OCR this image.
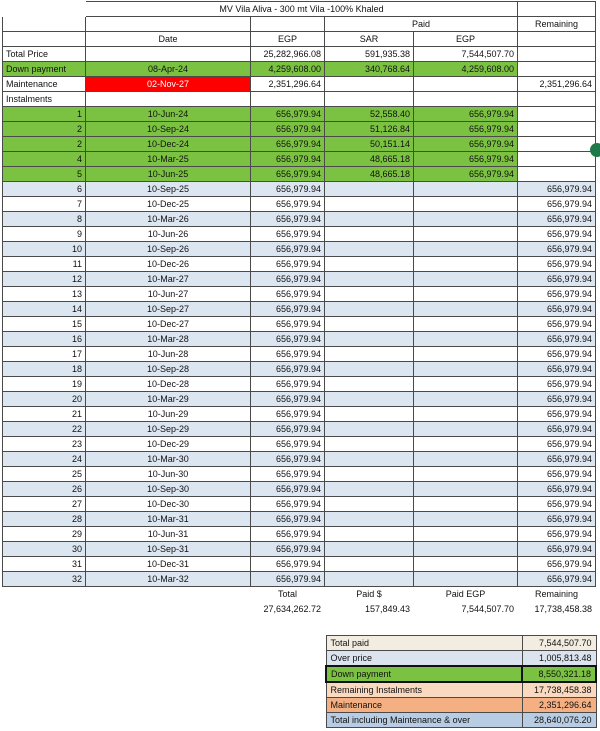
	MV Vila Aliva - 300 mt Vila -100% Khaled				
			Paid		Remaining
	Date	EGP	SAR	EGP	
Total Price		25,282,966.08	591,935.38	7,544,507.70	
Down payment	08-Apr-24	4,259,608.00	340,768.64	4,259,608.00	
Maintenance	02-Nov-27	2,351,296.64			2,351,296.64
Instalments					
1	10-Jun-24	656,979.94	52,558.40	656,979.94	
2	10-Sep-24	656,979.94	51,126.84	656,979.94	
2	10-Dec-24	656,979.94	50,151.14	656,979.94	
4	10-Mar-25	656,979.94	48,665.18	656,979.94	
5	10-Jun-25	656,979.94	48,665.18	656,979.94	
6	10-Sep-25	656,979.94			656,979.94
7	10-Dec-25	656,979.94			656,979.94
8	10-Mar-26	656,979.94			656,979.94
9	10-Jun-26	656,979.94			656,979.94
10	10-Sep-26	656,979.94			656,979.94
11	10-Dec-26	656,979.94			656,979.94
12	10-Mar-27	656,979.94			656,979.94
13	10-Jun-27	656,979.94			656,979.94
14	10-Sep-27	656,979.94			656,979.94
15	10-Dec-27	656,979.94			656,979.94
16	10-Mar-28	656,979.94			656,979.94
17	10-Jun-28	656,979.94			656,979.94
18	10-Sep-28	656,979.94			656,979.94
19	10-Dec-28	656,979.94			656,979.94
20	10-Mar-29	656,979.94			656,979.94
21	10-Jun-29	656,979.94			656,979.94
22	10-Sep-29	656,979.94			656,979.94
23	10-Dec-29	656,979.94			656,979.94
24	10-Mar-30	656,979.94			656,979.94
25	10-Jun-30	656,979.94			656,979.94
26	10-Sep-30	656,979.94			656,979.94
27	10-Dec-30	656,979.94			656,979.94
28	10-Mar-31	656,979.94			656,979.94
29	10-Jun-31	656,979.94			656,979.94
30	10-Sep-31	656,979.94			656,979.94
31	10-Dec-31	656,979.94			656,979.94
32	10-Mar-32	656,979.94			656,979.94
		Total	Paid $	Paid EGP	Remaining
		27,634,262.72	157,849.43	7,544,507.70	17,738,458.38
Total paid	7,544,507.70
Over price	1,005,813.48
Down payment	8,550,321.18
Remaining Instalments	17,738,458.38
Maintenance	2,351,296.64
Total including Maintenance & over	28,640,076.20
